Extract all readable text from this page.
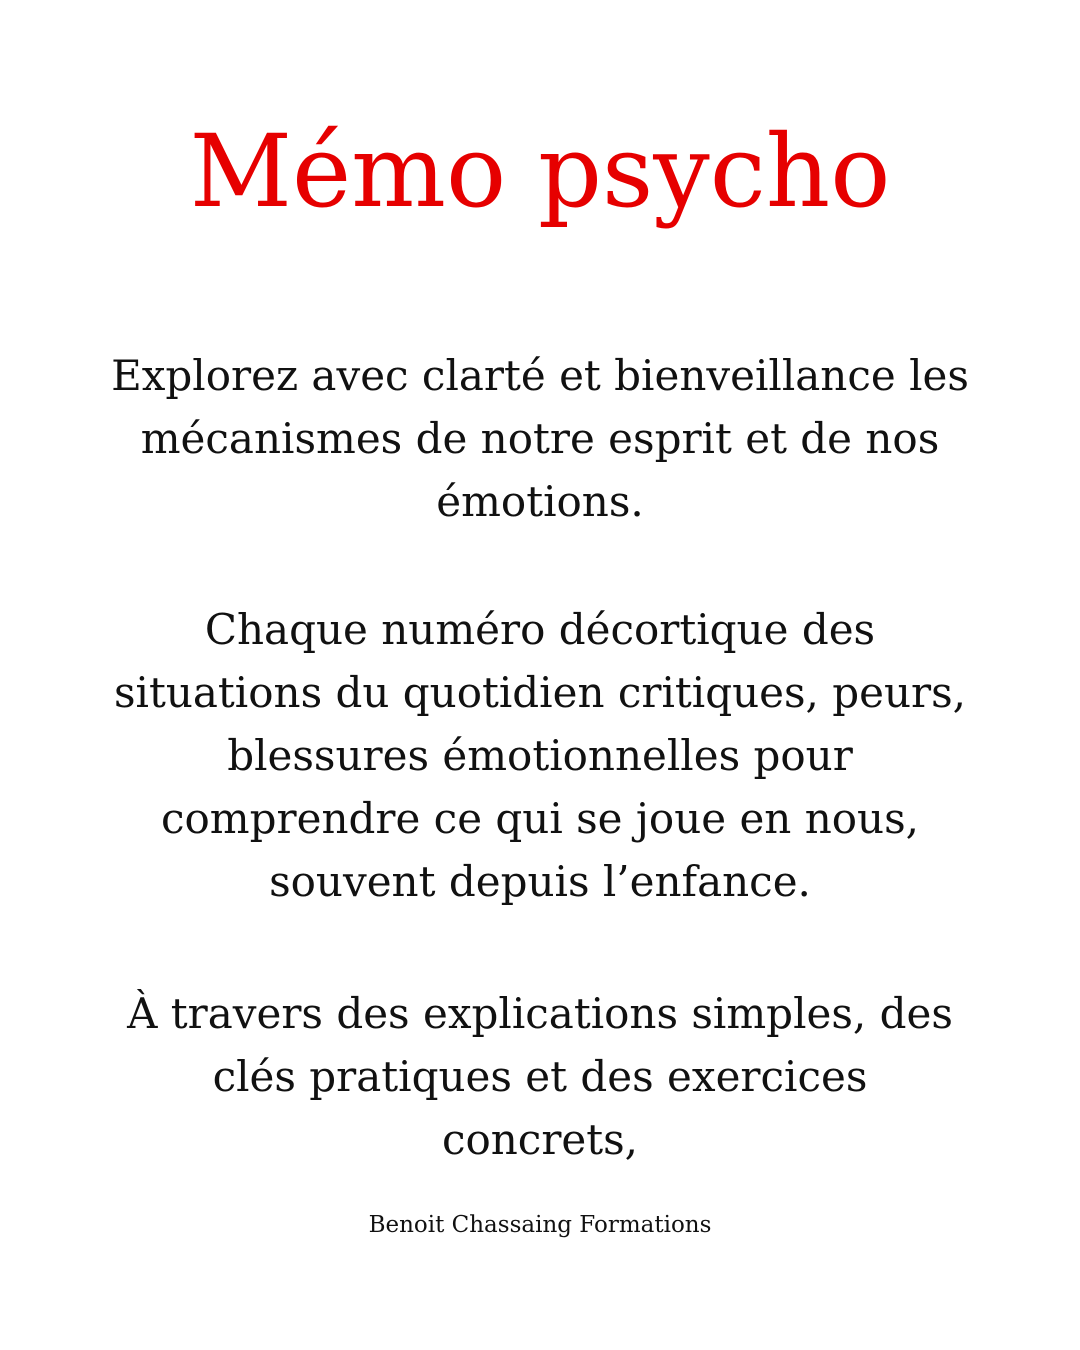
Mémo psycho

Explorez avec clarté et bienveillance les
mécanismes de notre esprit et de nos
émotions.

Chaque numéro décortique des
situations du quotidien critiques, peurs,
blessures émotionnelles pour
comprendre ce qui se joue en nous,
souvent depuis l’enfance.

À travers des explications simples, des
clés pratiques et des exercices
concrets,

Benoit Chassaing Formations
